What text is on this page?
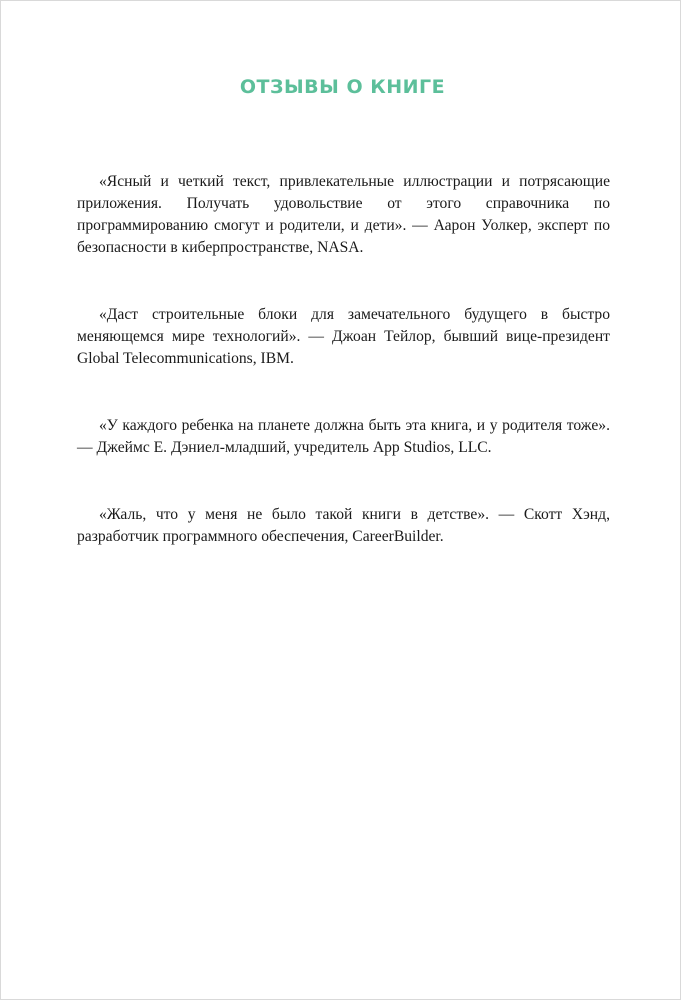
ОТЗЫВЫ О КНИГЕ

«Ясный и четкий текст, привлекательные иллюстрации и потрясающие приложения. Получать удовольствие от этого справочника по программированию смогут и родители, и дети». — Аарон Уолкер, эксперт по безопасности в киберпространстве, NASA.

«Даст строительные блоки для замечательного будущего в быстро меняющемся мире технологий». — Джоан Тейлор, бывший вице-президент Global Telecommunications, IBM.

«У каждого ребенка на планете должна быть эта книга, и у родителя тоже». — Джеймс Е. Дэниел-младший, учредитель App Studios, LLC.

«Жаль, что у меня не было такой книги в детстве». — Скотт Хэнд, разработчик программного обеспечения, CareerBuilder.
